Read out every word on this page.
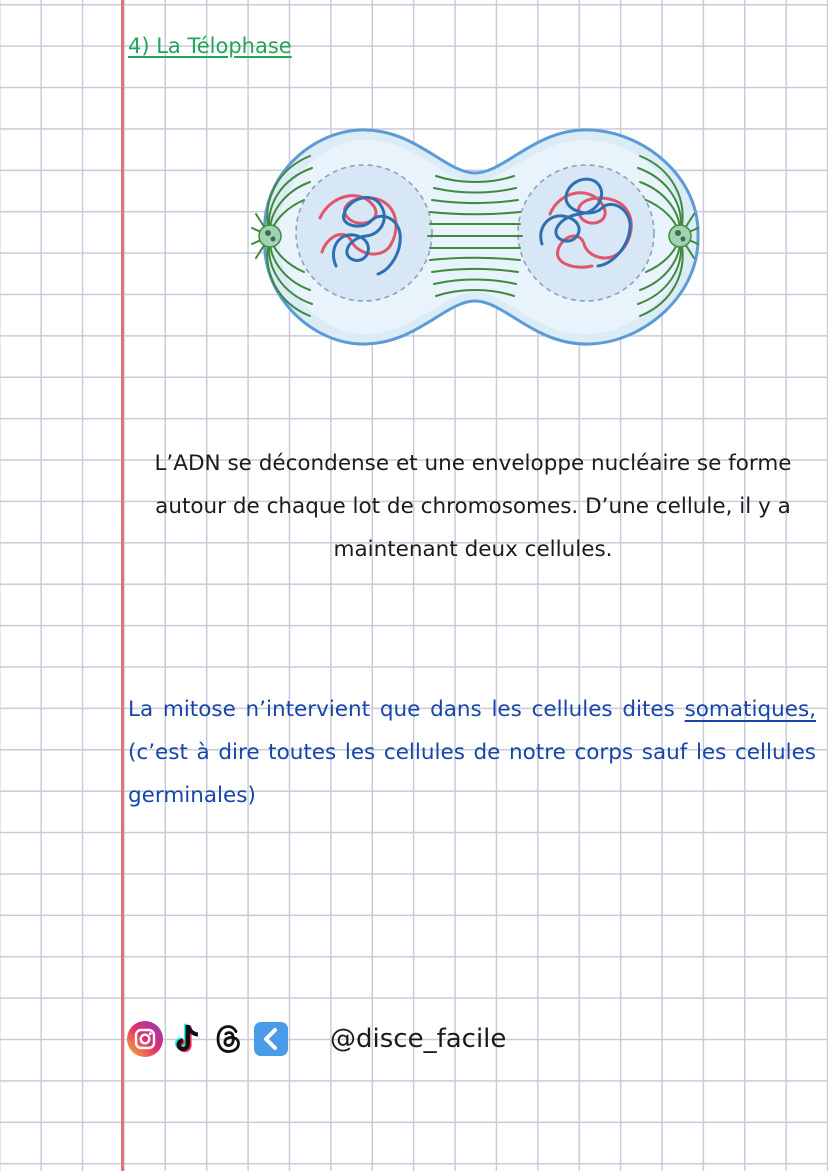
4) La Télophase

L’ADN se décondense et une enveloppe nucléaire se forme autour de chaque lot de chromosomes. D’une cellule, il y a maintenant deux cellules.

La mitose n’intervient que dans les cellules dites somatiques, (c’est à dire toutes les cellules de notre corps sauf les cellules germinales)

@disce_facile
